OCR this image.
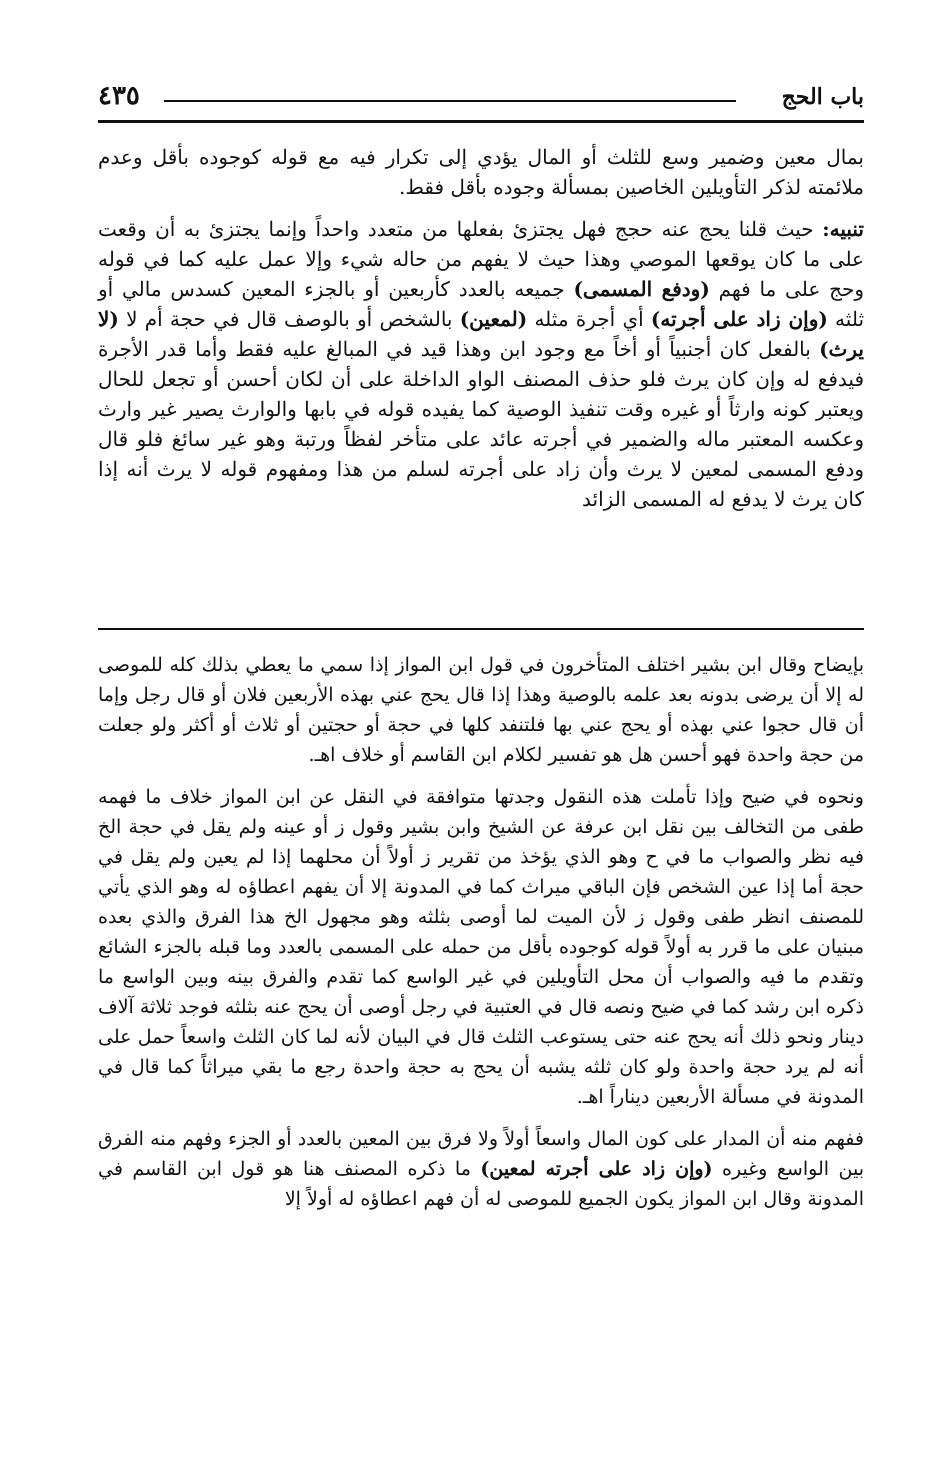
باب الحج
٤٣٥

بمال معين وضمير وسع للثلث أو المال يؤدي إلى تكرار فيه مع قوله كوجوده بأقل وعدم ملائمته لذكر التأويلين الخاصين بمسألة وجوده بأقل فقط.

تنبيه: حيث قلنا يحج عنه حجج فهل يجتزئ بفعلها من متعدد واحداً وإنما يجتزئ به أن وقعت على ما كان يوقعها الموصي وهذا حيث لا يفهم من حاله شيء وإلا عمل عليه كما في قوله وحج على ما فهم (ودفع المسمى) جميعه بالعدد كأربعين أو بالجزء المعين كسدس مالي أو ثلثه (وإن زاد على أجرته) أي أجرة مثله (لمعين) بالشخص أو بالوصف قال في حجة أم لا (لا يرث) بالفعل كان أجنبياً أو أخاً مع وجود ابن وهذا قيد في المبالغ عليه فقط وأما قدر الأجرة فيدفع له وإن كان يرث فلو حذف المصنف الواو الداخلة على أن لكان أحسن أو تجعل للحال ويعتبر كونه وارثاً أو غيره وقت تنفيذ الوصية كما يفيده قوله في بابها والوارث يصير غير وارث وعكسه المعتبر ماله والضمير في أجرته عائد على متأخر لفظاً ورتبة وهو غير سائغ فلو قال ودفع المسمى لمعين لا يرث وأن زاد على أجرته لسلم من هذا ومفهوم قوله لا يرث أنه إذا كان يرث لا يدفع له المسمى الزائد

بإيضاح وقال ابن بشير اختلف المتأخرون في قول ابن المواز إذا سمي ما يعطي بذلك كله للموصى له إلا أن يرضى بدونه بعد علمه بالوصية وهذا إذا قال يحج عني بهذه الأربعين فلان أو قال رجل وإما أن قال حجوا عني بهذه أو يحج عني بها فلتنفد كلها في حجة أو حجتين أو ثلاث أو أكثر ولو جعلت من حجة واحدة فهو أحسن هل هو تفسير لكلام ابن القاسم أو خلاف اهـ.

ونحوه في ضيح وإذا تأملت هذه النقول وجدتها متوافقة في النقل عن ابن المواز خلاف ما فهمه طفى من التخالف بين نقل ابن عرفة عن الشيخ وابن بشير وقول ز أو عينه ولم يقل في حجة الخ فيه نظر والصواب ما في ح وهو الذي يؤخذ من تقرير ز أولاً أن محلهما إذا لم يعين ولم يقل في حجة أما إذا عين الشخص فإن الباقي ميراث كما في المدونة إلا أن يفهم اعطاؤه له وهو الذي يأتي للمصنف انظر طفى وقول ز لأن الميت لما أوصى بثلثه وهو مجهول الخ هذا الفرق والذي بعده مبنيان على ما قرر به أولاً قوله كوجوده بأقل من حمله على المسمى بالعدد وما قبله بالجزء الشائع وتقدم ما فيه والصواب أن محل التأويلين في غير الواسع كما تقدم والفرق بينه وبين الواسع ما ذكره ابن رشد كما في ضيح ونصه قال في العتبية في رجل أوصى أن يحج عنه بثلثه فوجد ثلاثة آلاف دينار ونحو ذلك أنه يحج عنه حتى يستوعب الثلث قال في البيان لأنه لما كان الثلث واسعاً حمل على أنه لم يرد حجة واحدة ولو كان ثلثه يشبه أن يحج به حجة واحدة رجع ما بقي ميراثاً كما قال في المدونة في مسألة الأربعين ديناراً اهـ.

ففهم منه أن المدار على كون المال واسعاً أولاً ولا فرق بين المعين بالعدد أو الجزء وفهم منه الفرق بين الواسع وغيره (وإن زاد على أجرته لمعين) ما ذكره المصنف هنا هو قول ابن القاسم في المدونة وقال ابن المواز يكون الجميع للموصى له أن فهم اعطاؤه له أولاً إلا
